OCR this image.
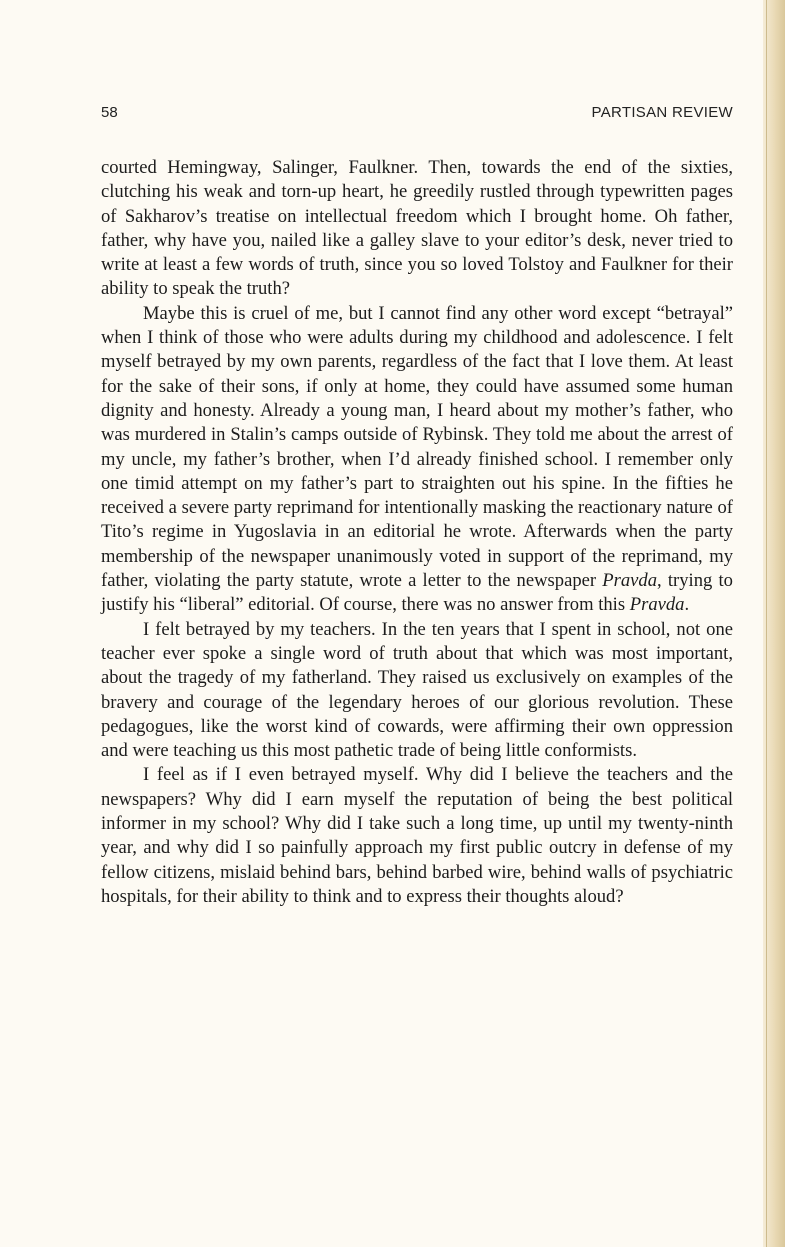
58	PARTISAN REVIEW

courted Hemingway, Salinger, Faulkner. Then, towards the end of the sixties, clutching his weak and torn-up heart, he greedily rustled through typewritten pages of Sakharov’s treatise on intellectual freedom which I brought home. Oh father, father, why have you, nailed like a galley slave to your editor’s desk, never tried to write at least a few words of truth, since you so loved Tolstoy and Faulkner for their ability to speak the truth?

Maybe this is cruel of me, but I cannot find any other word except “betrayal” when I think of those who were adults during my childhood and adolescence. I felt myself betrayed by my own parents, regardless of the fact that I love them. At least for the sake of their sons, if only at home, they could have assumed some human dignity and honesty. Already a young man, I heard about my mother’s father, who was murdered in Stalin’s camps outside of Rybinsk. They told me about the arrest of my uncle, my father’s brother, when I’d already finished school. I remember only one timid attempt on my father’s part to straighten out his spine. In the fifties he received a severe party reprimand for intentionally masking the reactionary nature of Tito’s regime in Yugoslavia in an editorial he wrote. Afterwards when the party membership of the newspaper unanimously voted in support of the reprimand, my father, violating the party statute, wrote a letter to the newspaper Pravda, trying to justify his “liberal” editorial. Of course, there was no answer from this Pravda.

I felt betrayed by my teachers. In the ten years that I spent in school, not one teacher ever spoke a single word of truth about that which was most important, about the tragedy of my fatherland. They raised us exclusively on examples of the bravery and courage of the legendary heroes of our glorious revolution. These pedagogues, like the worst kind of cowards, were affirming their own oppression and were teaching us this most pathetic trade of being little conformists.

I feel as if I even betrayed myself. Why did I believe the teachers and the newspapers? Why did I earn myself the reputation of being the best political informer in my school? Why did I take such a long time, up until my twenty-ninth year, and why did I so painfully approach my first public outcry in defense of my fellow citizens, mislaid behind bars, behind barbed wire, behind walls of psychiatric hospitals, for their ability to think and to express their thoughts aloud?
